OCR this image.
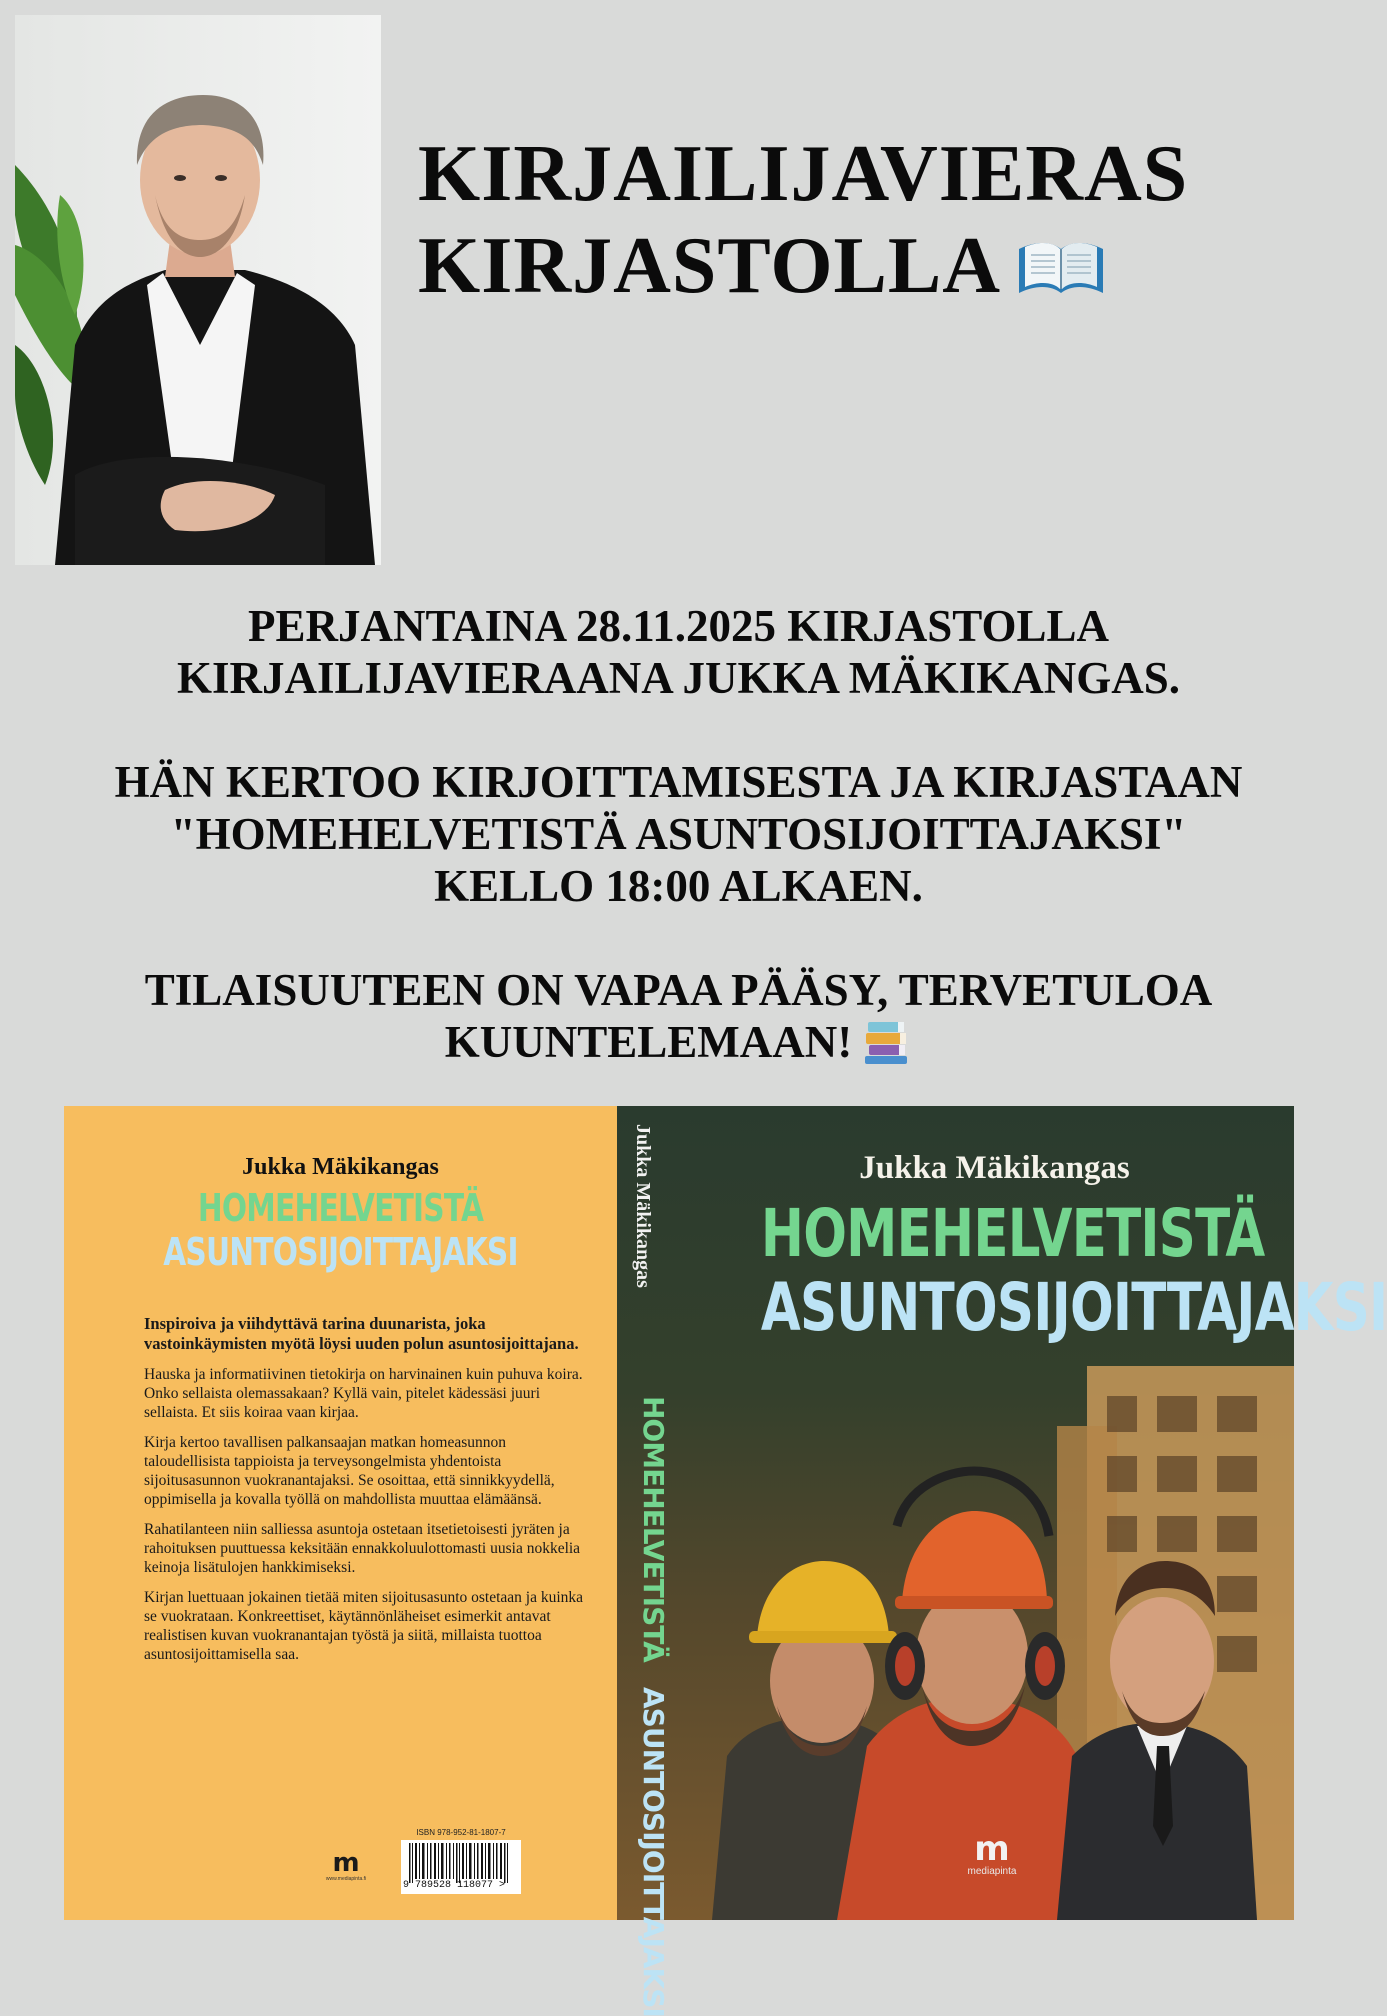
KIRJAILIJAVIERAS
KIRJASTOLLA
PERJANTAINA 28.11.2025 KIRJASTOLLA
KIRJAILIJAVIERAANA JUKKA MÄKIKANGAS.
HÄN KERTOO KIRJOITTAMISESTA JA KIRJASTAAN
"HOMEHELVETISTÄ ASUNTOSIJOITTAJAKSI"
KELLO 18:00 ALKAEN.
TILAISUUTEEN ON VAPAA PÄÄSY, TERVETULOA
KUUNTELEMAAN!
Jukka Mäkikangas
HOMEHELVETISTÄ
ASUNTOSIJOITTAJAKSI

Inspiroiva ja viihdyttävä tarina duunarista, joka vastoinkäymisten myötä löysi uuden polun asuntosijoittajana.

Hauska ja informatiivinen tietokirja on harvinainen kuin puhuva koira. Onko sellaista olemassakaan? Kyllä vain, pitelet kädessäsi juuri sellaista. Et siis koiraa vaan kirjaa.

Kirja kertoo tavallisen palkansaajan matkan homeasunnon taloudellisista tappioista ja terveysongelmista yhdentoista sijoitusasunnon vuokranantajaksi. Se osoittaa, että sinnikkyydellä, oppimisella ja kovalla työllä on mahdollista muuttaa elämäänsä.

Rahatilanteen niin salliessa asuntoja ostetaan itsetietoisesti jyräten ja rahoituksen puuttuessa keksitään ennakkoluulottomasti uusia nokkelia keinoja lisätulojen hankkimiseksi.

Kirjan luettuaan jokainen tietää miten sijoitusasunto ostetaan ja kuinka se vuokrataan. Konkreettiset, käytännönläheiset esimerkit antavat realistisen kuvan vuokranantajan työstä ja siitä, millaista tuottoa asuntosijoittamisella saa.

m
www.mediapinta.fi
ISBN 978-952-81-1807-7
9 789528 118077 >
Jukka Mäkikangas
HOMEHELVETISTÄ ASUNTOSIJOITTAJAKSI
Jukka Mäkikangas
HOMEHELVETISTÄ
ASUNTOSIJOITTAJAKSI
m
mediapinta
